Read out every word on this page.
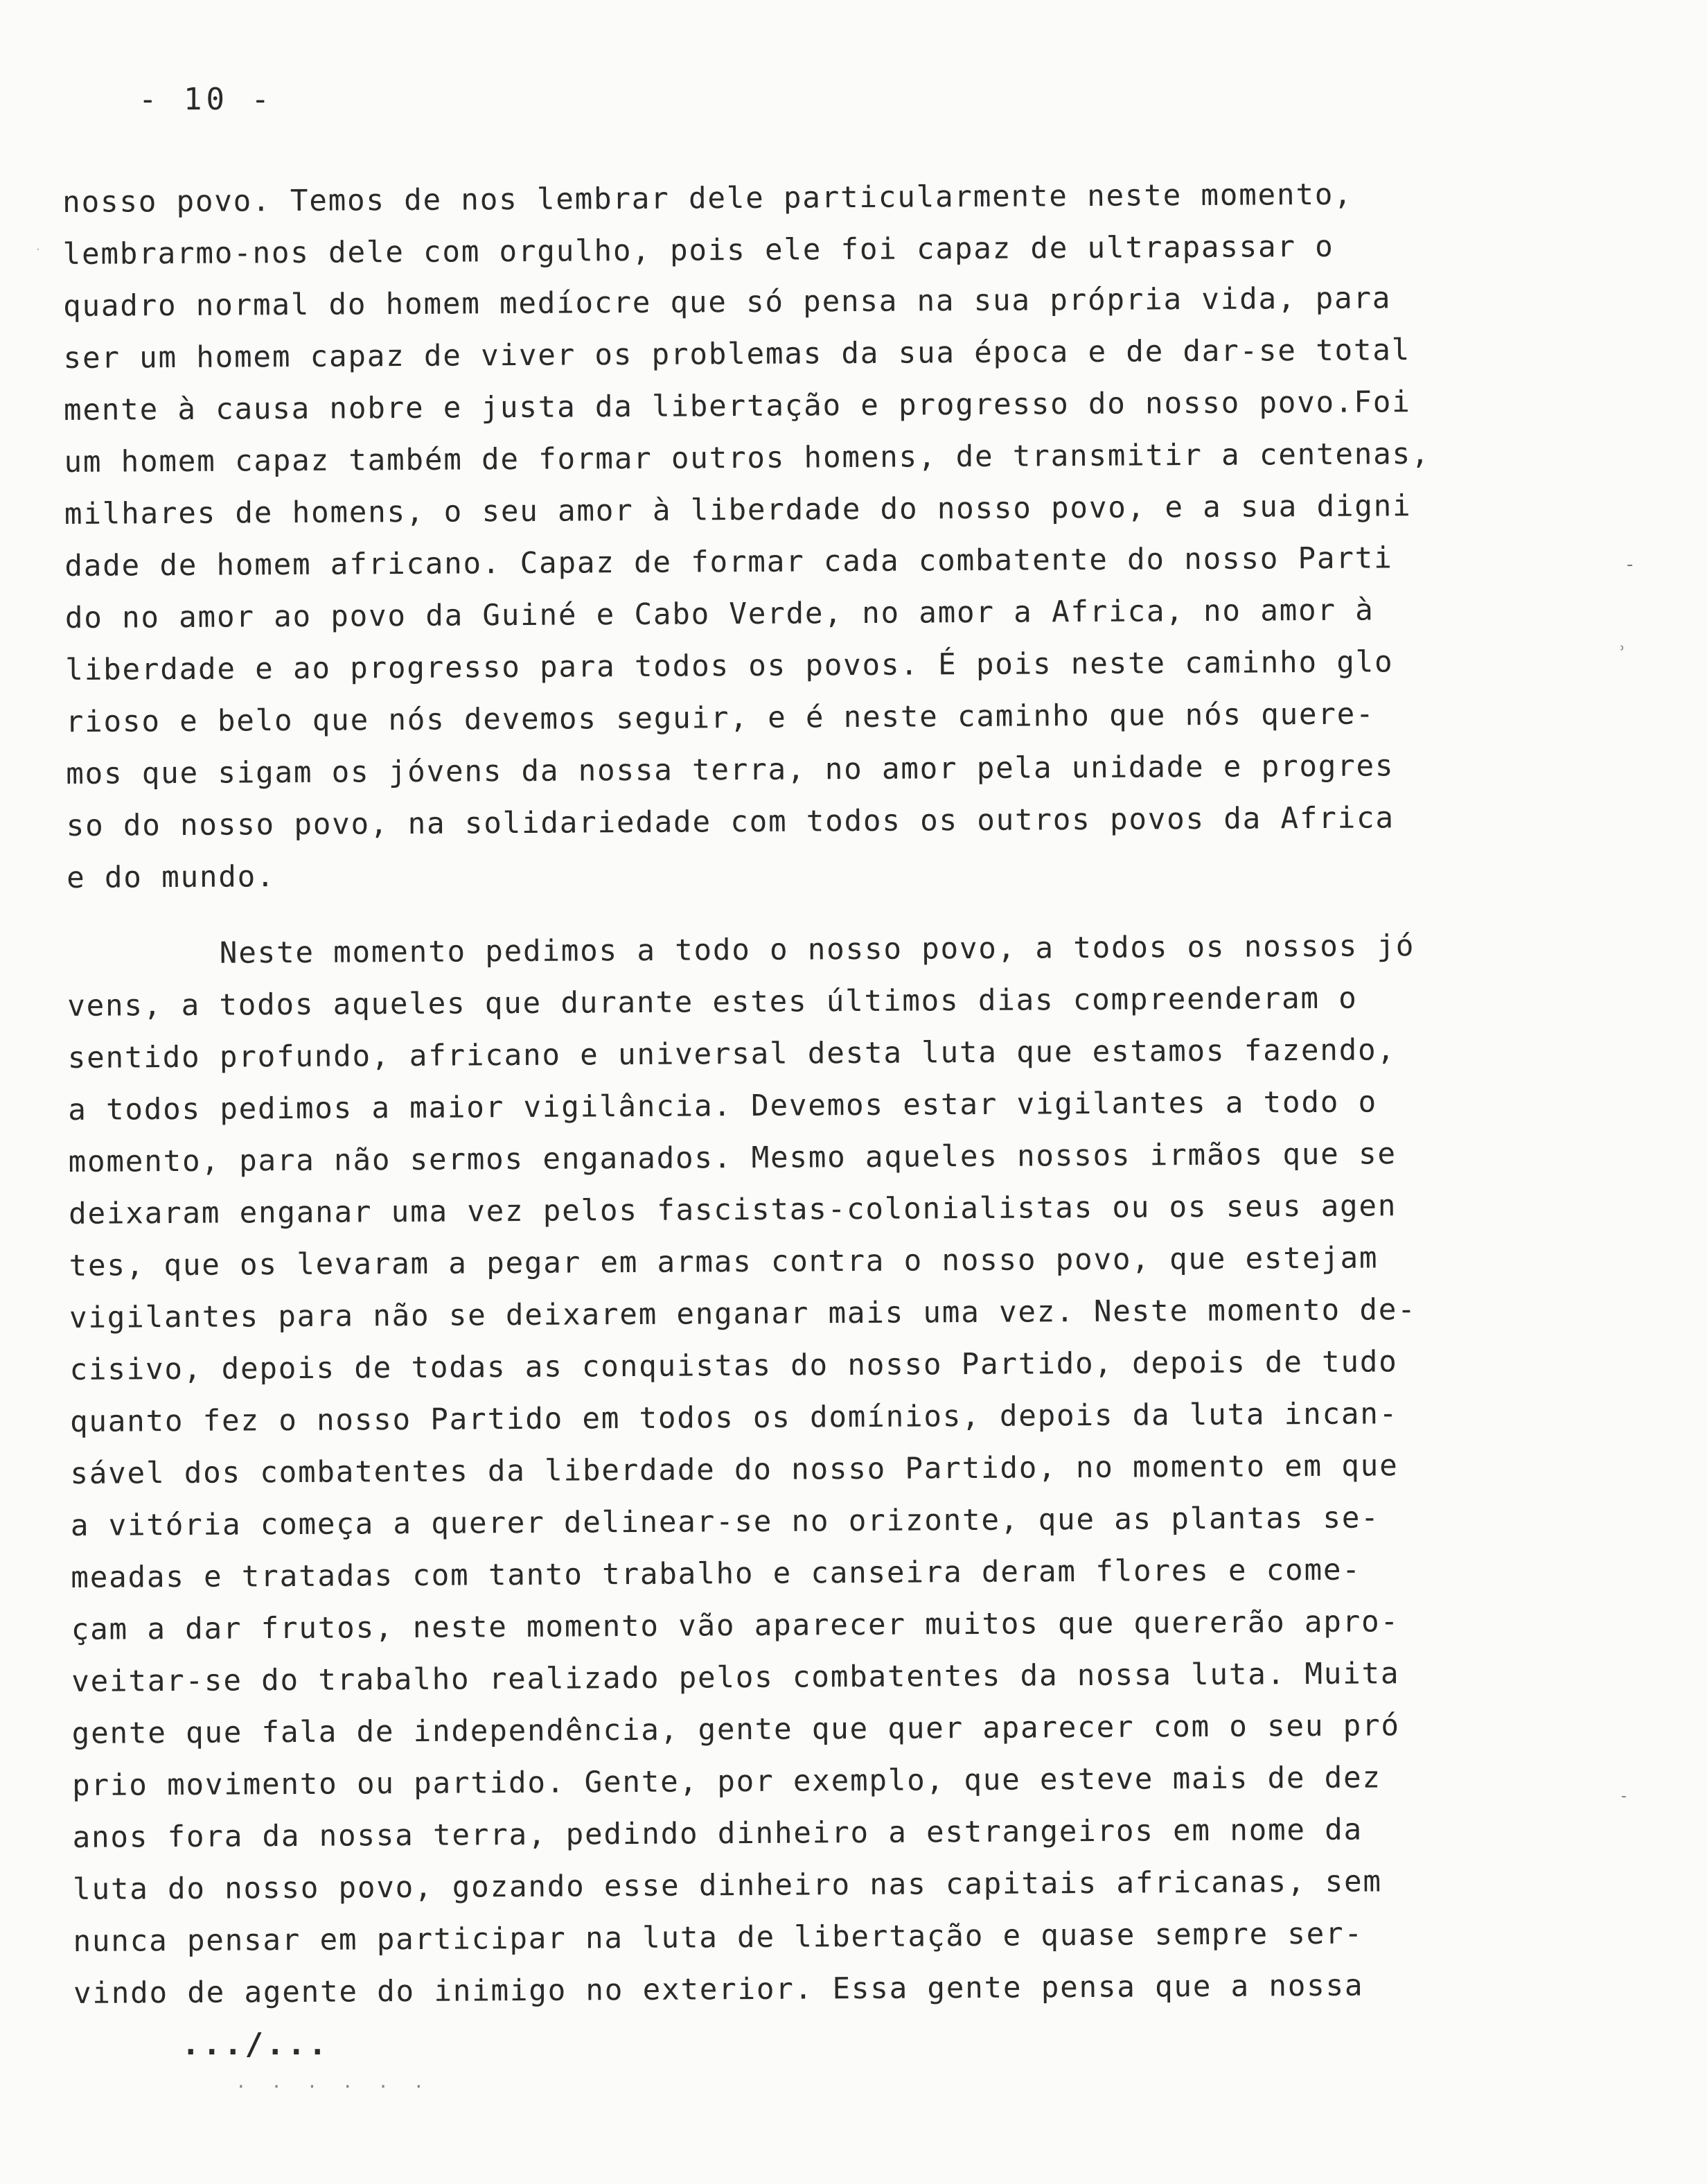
- 10 -
nosso povo. Temos de nos lembrar dele particularmente neste momento,
lembrarmo-nos dele com orgulho, pois ele foi capaz de ultrapassar o
quadro normal do homem medíocre que só pensa na sua própria vida, para
ser um homem capaz de viver os problemas da sua época e de dar-se total
mente à causa nobre e justa da libertação e progresso do nosso povo.Foi
um homem capaz também de formar outros homens, de transmitir a centenas,
milhares de homens, o seu amor à liberdade do nosso povo, e a sua digni
dade de homem africano. Capaz de formar cada combatente do nosso Parti
do no amor ao povo da Guiné e Cabo Verde, no amor a Africa, no amor à
liberdade e ao progresso para todos os povos. É pois neste caminho glo
rioso e belo que nós devemos seguir, e é neste caminho que nós quere-
mos que sigam os jóvens da nossa terra, no amor pela unidade e progres
so do nosso povo, na solidariedade com todos os outros povos da Africa
e do mundo.
Neste momento pedimos a todo o nosso povo, a todos os nossos jó
vens, a todos aqueles que durante estes últimos dias compreenderam o
sentido profundo, africano e universal desta luta que estamos fazendo,
a todos pedimos a maior vigilância. Devemos estar vigilantes a todo o
momento, para não sermos enganados. Mesmo aqueles nossos irmãos que se
deixaram enganar uma vez pelos fascistas-colonialistas ou os seus agen
tes, que os levaram a pegar em armas contra o nosso povo, que estejam
vigilantes para não se deixarem enganar mais uma vez. Neste momento de-
cisivo, depois de todas as conquistas do nosso Partido, depois de tudo
quanto fez o nosso Partido em todos os domínios, depois da luta incan-
sável dos combatentes da liberdade do nosso Partido, no momento em que
a vitória começa a querer delinear-se no orizonte, que as plantas se-
meadas e tratadas com tanto trabalho e canseira deram flores e come-
çam a dar frutos, neste momento vão aparecer muitos que quererão apro-
veitar-se do trabalho realizado pelos combatentes da nossa luta. Muita
gente que fala de independência, gente que quer aparecer com o seu pró
prio movimento ou partido. Gente, por exemplo, que esteve mais de dez
anos fora da nossa terra, pedindo dinheiro a estrangeiros em nome da
luta do nosso povo, gozando esse dinheiro nas capitais africanas, sem
nunca pensar em participar na luta de libertação e quase sempre ser-
vindo de agente do inimigo no exterior. Essa gente pensa que a nossa
.../...
. . . . . .
-
⸒
-
·
